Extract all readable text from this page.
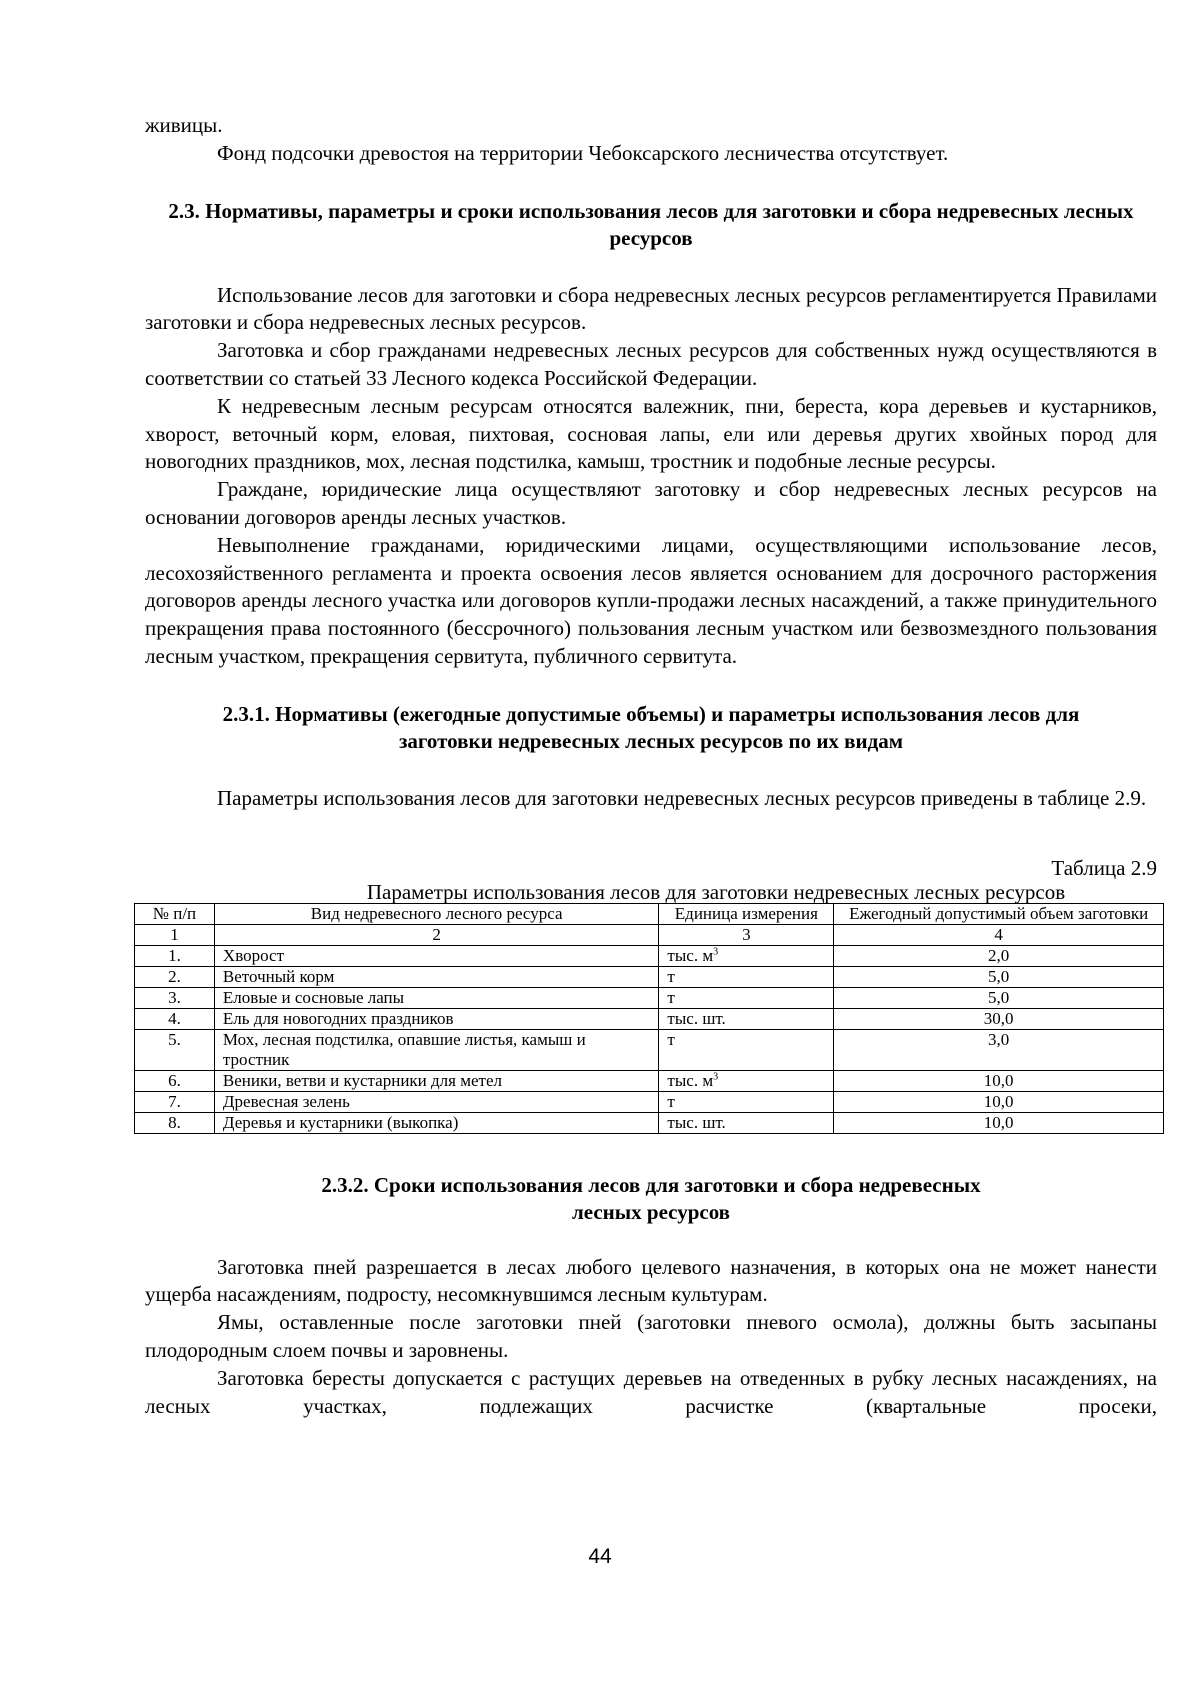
живицы.

Фонд подсочки древостоя на территории Чебоксарского лесничества отсутствует.

2.3. Нормативы, параметры и сроки использования лесов для заготовки и сбора недревесных лесных ресурсов

Использование лесов для заготовки и сбора недревесных лесных ресурсов регламентируется Правилами заготовки и сбора недревесных лесных ресурсов.

Заготовка и сбор гражданами недревесных лесных ресурсов для собственных нужд осуществляются в соответствии со статьей 33 Лесного кодекса Российской Федерации.

К недревесным лесным ресурсам относятся валежник, пни, береста, кора деревьев и кустарников, хворост, веточный корм, еловая, пихтовая, сосновая лапы, ели или деревья других хвойных пород для новогодних праздников, мох, лесная подстилка, камыш, тростник и подобные лесные ресурсы.

Граждане, юридические лица осуществляют заготовку и сбор недревесных лесных ресурсов на основании договоров аренды лесных участков.

Невыполнение гражданами, юридическими лицами, осуществляющими использование лесов, лесохозяйственного регламента и проекта освоения лесов является основанием для досрочного расторжения договоров аренды лесного участка или договоров купли-продажи лесных насаждений, а также принудительного прекращения права постоянного (бессрочного) пользования лесным участком или безвозмездного пользования лесным участком, прекращения сервитута, публичного сервитута.

2.3.1. Нормативы (ежегодные допустимые объемы) и параметры использования лесов для заготовки недревесных лесных ресурсов по их видам

Параметры использования лесов для заготовки недревесных лесных ресурсов приведены в таблице 2.9.

Таблица 2.9
Параметры использования лесов для заготовки недревесных лесных ресурсов
№ п/п	Вид недревесного лесного ресурса	Единица измерения	Ежегодный допустимый объем заготовки
1	2	3	4
1.	Хворост	тыс. $м^3$	2,0
2.	Веточный корм	т	5,0
3.	Еловые и сосновые лапы	т	5,0
4.	Ель для новогодних праздников	тыс. шт.	30,0
5.	Мох, лесная подстилка, опавшие листья, камыш и тростник	т	3,0
6.	Веники, ветви и кустарники для метел	тыс. $м^3$	10,0
7.	Древесная зелень	т	10,0
8.	Деревья и кустарники (выкопка)	тыс. шт.	10,0
2.3.2. Сроки использования лесов для заготовки и сбора недревесных лесных ресурсов

Заготовка пней разрешается в лесах любого целевого назначения, в которых она не может нанести ущерба насаждениям, подросту, несомкнувшимся лесным культурам.

Ямы, оставленные после заготовки пней (заготовки пневого осмола), должны быть засыпаны плодородным слоем почвы и заровнены.

Заготовка бересты допускается с растущих деревьев на отведенных в рубку лесных насаждениях, на лесных участках, подлежащих расчистке (квартальные просеки,

44
